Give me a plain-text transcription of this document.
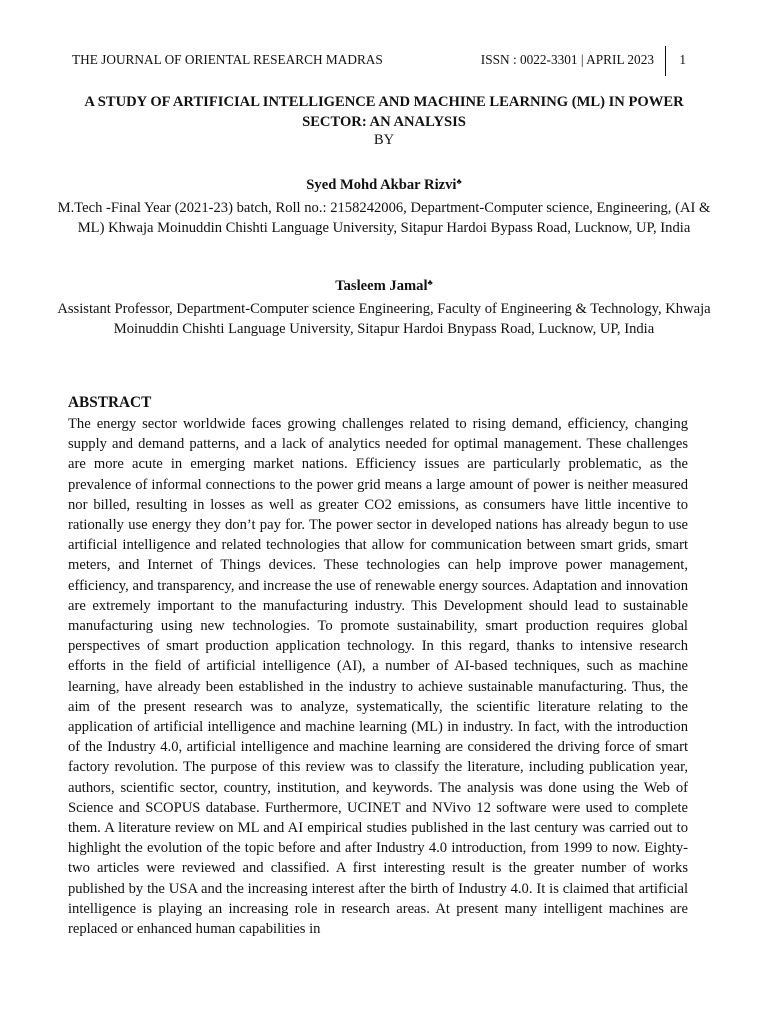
THE JOURNAL OF ORIENTAL RESEARCH MADRAS	ISSN : 0022-3301 | APRIL 2023 1
A STUDY OF ARTIFICIAL INTELLIGENCE AND MACHINE LEARNING (ML) IN POWER SECTOR: AN ANALYSIS
BY
Syed Mohd Akbar Rizvi♣
M.Tech -Final Year (2021-23) batch, Roll no.: 2158242006, Department-Computer science, Engineering, (AI & ML) Khwaja Moinuddin Chishti Language University, Sitapur Hardoi Bypass Road, Lucknow, UP, India
Tasleem Jamal♣
Assistant Professor, Department-Computer science Engineering, Faculty of Engineering & Technology, Khwaja Moinuddin Chishti Language University, Sitapur Hardoi Bnypass Road, Lucknow, UP, India
ABSTRACT

The energy sector worldwide faces growing challenges related to rising demand, efficiency, changing supply and demand patterns, and a lack of analytics needed for optimal management. These challenges are more acute in emerging market nations. Efficiency issues are particularly problematic, as the prevalence of informal connections to the power grid means a large amount of power is neither measured nor billed, resulting in losses as well as greater CO2 emissions, as consumers have little incentive to rationally use energy they don’t pay for. The power sector in developed nations has already begun to use artificial intelligence and related technologies that allow for communication between smart grids, smart meters, and Internet of Things devices. These technologies can help improve power management, efficiency, and transparency, and increase the use of renewable energy sources. Adaptation and innovation are extremely important to the manufacturing industry. This Development should lead to sustainable manufacturing using new technologies. To promote sustainability, smart production requires global perspectives of smart production application technology. In this regard, thanks to intensive research efforts in the field of artificial intelligence (AI), a number of AI-based techniques, such as machine learning, have already been established in the industry to achieve sustainable manufacturing. Thus, the aim of the present research was to analyze, systematically, the scientific literature relating to the application of artificial intelligence and machine learning (ML) in industry. In fact, with the introduction of the Industry 4.0, artificial intelligence and machine learning are considered the driving force of smart factory revolution. The purpose of this review was to classify the literature, including publication year, authors, scientific sector, country, institution, and keywords. The analysis was done using the Web of Science and SCOPUS database. Furthermore, UCINET and NVivo 12 software were used to complete them. A literature review on ML and AI empirical studies published in the last century was carried out to highlight the evolution of the topic before and after Industry 4.0 introduction, from 1999 to now. Eighty-two articles were reviewed and classified. A first interesting result is the greater number of works published by the USA and the increasing interest after the birth of Industry 4.0. It is claimed that artificial intelligence is playing an increasing role in research areas. At present many intelligent machines are replaced or enhanced human capabilities in
